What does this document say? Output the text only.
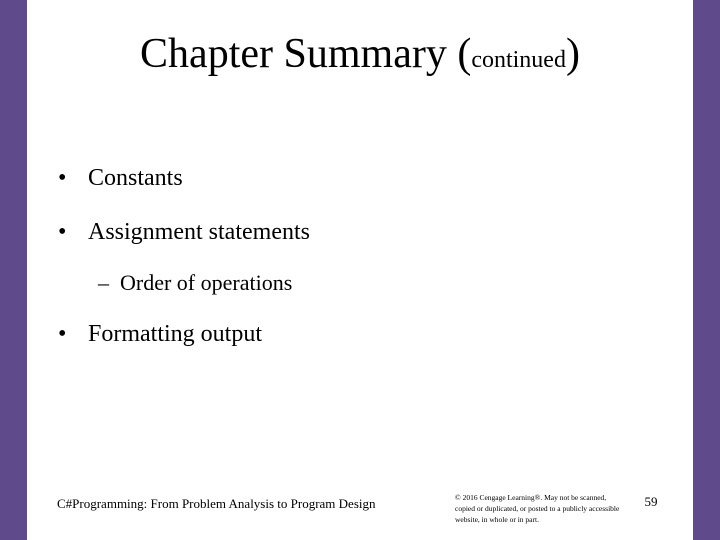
Chapter Summary (continued)
• Constants
• Assignment statements
– Order of operations
• Formatting output
C#Programming: From Problem Analysis to Program Design	© 2016 Cengage Learning®. May not be scanned, copied or duplicated, or posted to a publicly accessible website, in whole or in part.
59
